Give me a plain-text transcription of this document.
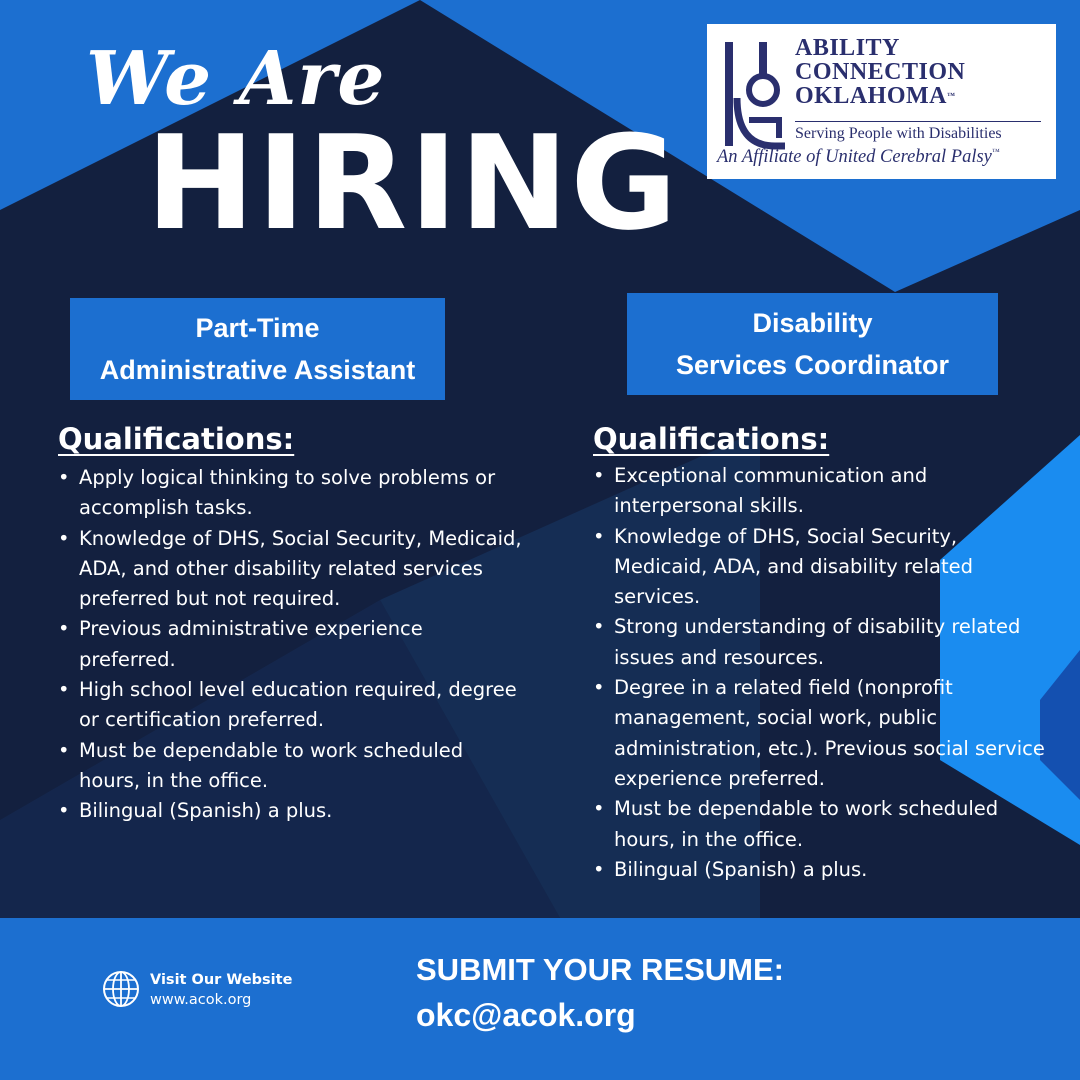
We Are
HIRING
ABILITY
CONNECTION
OKLAHOMA™
Serving People with Disabilities
An Affiliate of United Cerebral Palsy™
Part-Time
Administrative Assistant
Disability
Services Coordinator
Qualifications:
• Apply logical thinking to solve problems or accomplish tasks.
• Knowledge of DHS, Social Security, Medicaid, ADA, and other disability related services preferred but not required.
• Previous administrative experience preferred.
• High school level education required, degree or certification preferred.
• Must be dependable to work scheduled hours, in the office.
• Bilingual (Spanish) a plus.
Qualifications:
• Exceptional communication and interpersonal skills.
• Knowledge of DHS, Social Security, Medicaid, ADA, and disability related services.
• Strong understanding of disability related issues and resources.
• Degree in a related field (nonprofit management, social work, public administration, etc.). Previous social service experience preferred.
• Must be dependable to work scheduled hours, in the office.
• Bilingual (Spanish) a plus.
Visit Our Website
www.acok.org
SUBMIT YOUR RESUME:
okc@acok.org
